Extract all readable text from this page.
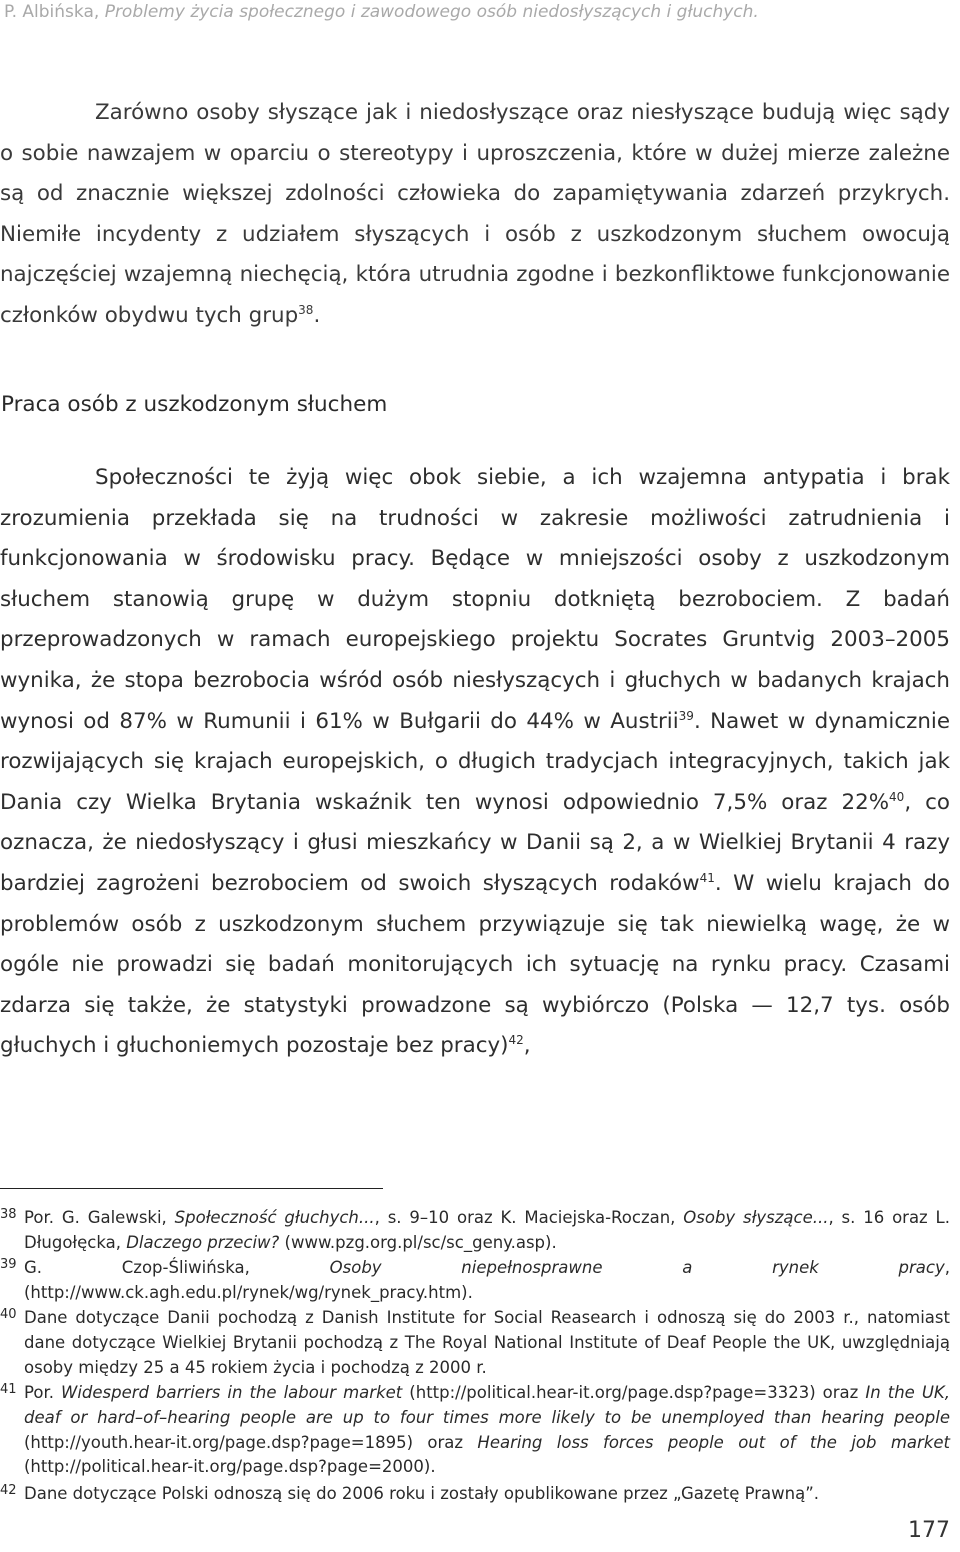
P. Albińska, Problemy życia społecznego i zawodowego osób niedosłyszących i głuchych.

Zarówno osoby słyszące jak i niedosłyszące oraz niesłyszące budują więc sądy o sobie nawzajem w oparciu o stereotypy i uproszczenia, które w dużej mierze zależne są od znacznie większej zdolności człowieka do zapamiętywania zdarzeń przykrych. Niemiłe incydenty z udziałem słyszących i osób z uszkodzonym słuchem owocują najczęściej wzajemną niechęcią, która utrudnia zgodne i bezkonfliktowe funkcjonowanie członków obydwu tych grup$^{38}$.

Praca osób z uszkodzonym słuchem

Społeczności te żyją więc obok siebie, a ich wzajemna antypatia i brak zrozumienia przekłada się na trudności w zakresie możliwości zatrudnienia i funkcjonowania w środowisku pracy. Będące w mniejszości osoby z uszkodzonym słuchem stanowią grupę w dużym stopniu dotkniętą bezrobociem. Z badań przeprowadzonych w ramach europejskiego projektu Socrates Gruntvig 2003–2005 wynika, że stopa bezrobocia wśród osób niesłyszących i głuchych w badanych krajach wynosi od 87% w Rumunii i 61% w Bułgarii do 44% w Austrii$^{39}$. Nawet w dynamicznie rozwijających się krajach europejskich, o długich tradycjach integracyjnych, takich jak Dania czy Wielka Brytania wskaźnik ten wynosi odpowiednio 7,5% oraz 22%$^{40}$, co oznacza, że niedosłyszący i głusi mieszkańcy w Danii są 2, a w Wielkiej Brytanii 4 razy bardziej zagrożeni bezrobociem od swoich słyszących rodaków$^{41}$. W wielu krajach do problemów osób z uszkodzonym słuchem przywiązuje się tak niewielką wagę, że w ogóle nie prowadzi się badań monitorujących ich sytuację na rynku pracy. Czasami zdarza się także, że statystyki prowadzone są wybiórczo (Polska — 12,7 tys. osób głuchych i głuchoniemych pozostaje bez pracy)$^{42}$,

38 Por. G. Galewski, Społeczność głuchych..., s. 9–10 oraz K. Maciejska-Roczan, Osoby słyszące..., s. 16 oraz L. Długołęcka, Dlaczego przeciw? (www.pzg.org.pl/sc/sc_geny.asp).
39 G. Czop-Śliwińska, Osoby niepełnosprawne a rynek pracy, (http://www.ck.agh.edu.pl/rynek/wg/rynek_pracy.htm).
40 Dane dotyczące Danii pochodzą z Danish Institute for Social Reasearch i odnoszą się do 2003 r., natomiast dane dotyczące Wielkiej Brytanii pochodzą z The Royal National Institute of Deaf People the UK, uwzględniają osoby między 25 a 45 rokiem życia i pochodzą z 2000 r.
41 Por. Widesperd barriers in the labour market (http://political.hear-it.org/page.dsp?page=3323) oraz In the UK, deaf or hard–of–hearing people are up to four times more likely to be unemployed than hearing people (http://youth.hear-it.org/page.dsp?page=1895) oraz Hearing loss forces people out of the job market (http://political.hear-it.org/page.dsp?page=2000).
42 Dane dotyczące Polski odnoszą się do 2006 roku i zostały opublikowane przez „Gazetę Prawną”.
177
